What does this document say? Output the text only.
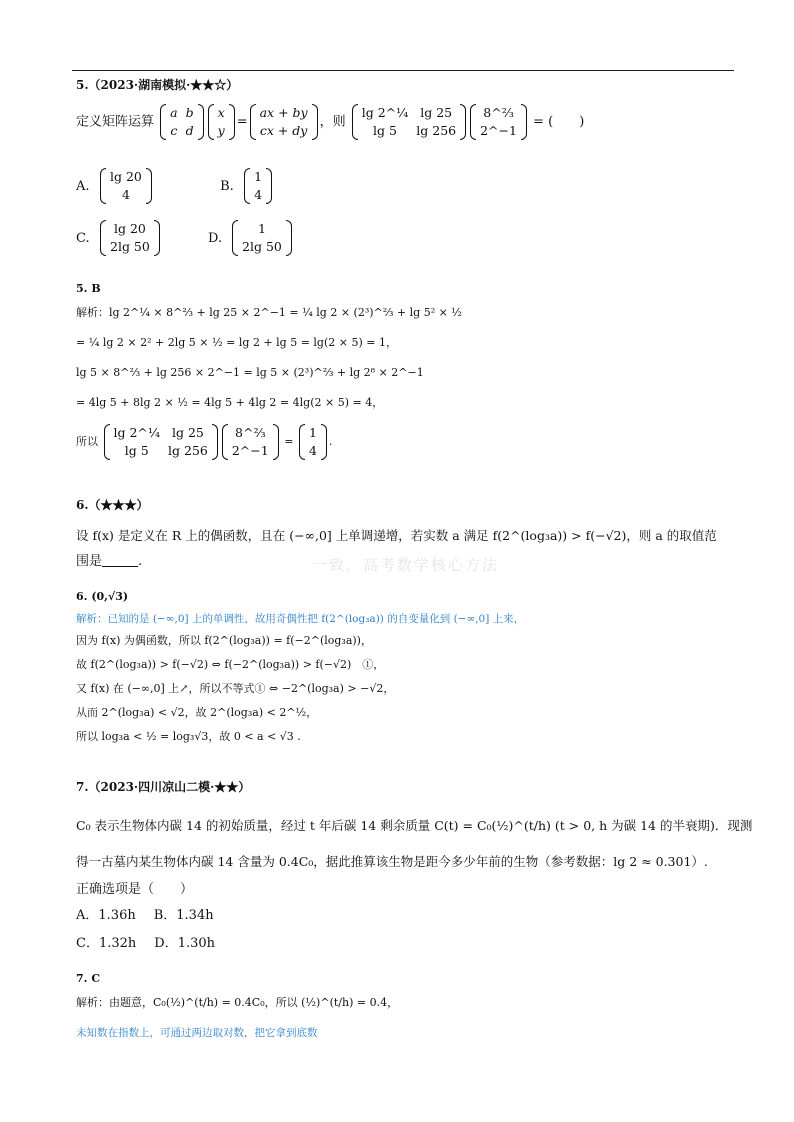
5.（2023·湖南模拟·★★☆）
定义矩阵运算
a	b
c	d
x
y
=
ax + by
cx + dy
，则
lg 2^¼	lg 25
lg 5	lg 256
8^⅔
2^−1
= (　　)
A.
lg 20
4
B.
1
4
C.
lg 20
2lg 50
D.
1
2lg 50
5. B
解析：lg 2^¼ × 8^⅔ + lg 25 × 2^−1 = ¼ lg 2 × (2³)^⅔ + lg 5² × ½
= ¼ lg 2 × 2² + 2lg 5 × ½ = lg 2 + lg 5 = lg(2 × 5) = 1，
lg 5 × 8^⅔ + lg 256 × 2^−1 = lg 5 × (2³)^⅔ + lg 2⁸ × 2^−1
= 4lg 5 + 8lg 2 × ½ = 4lg 5 + 4lg 2 = 4lg(2 × 5) = 4，
所以
lg 2^¼	lg 25
lg 5	lg 256
8^⅔
2^−1
=
1
4
.
6.（★★★）
设 f(x) 是定义在 R 上的偶函数，且在 (−∞,0] 上单调递增，若实数 a 满足 f(2^(log₃a)) > f(−√2)，则 a 的取值范
围是	.	一致，高考数学核心方法
6. (0,√3)
解析：已知的是 (−∞,0] 上的单调性，故用奇偶性把 f(2^(log₃a)) 的自变量化到 (−∞,0] 上来，
因为 f(x) 为偶函数，所以 f(2^(log₃a)) = f(−2^(log₃a))，
故 f(2^(log₃a)) > f(−√2) ⇔ f(−2^(log₃a)) > f(−√2)　①，
又 f(x) 在 (−∞,0] 上↗，所以不等式① ⇔ −2^(log₃a) > −√2，
从而 2^(log₃a) < √2，故 2^(log₃a) < 2^½，
所以 log₃a < ½ = log₃√3，故 0 < a < √3 .
7.（2023·四川凉山二模·★★）
C₀ 表示生物体内碳 14 的初始质量，经过 t 年后碳 14 剩余质量 C(t) = C₀(½)^(t/h) (t > 0, h 为碳 14 的半衰期)．现测
得一古墓内某生物体内碳 14 含量为 0.4C₀，据此推算该生物是距今多少年前的生物（参考数据：lg 2 ≈ 0.301）.
正确选项是（　　）
A．1.36h B．1.34h
C．1.32h D．1.30h
7. C
解析：由题意，C₀(½)^(t/h) = 0.4C₀，所以 (½)^(t/h) = 0.4，
未知数在指数上，可通过两边取对数，把它拿到底数
